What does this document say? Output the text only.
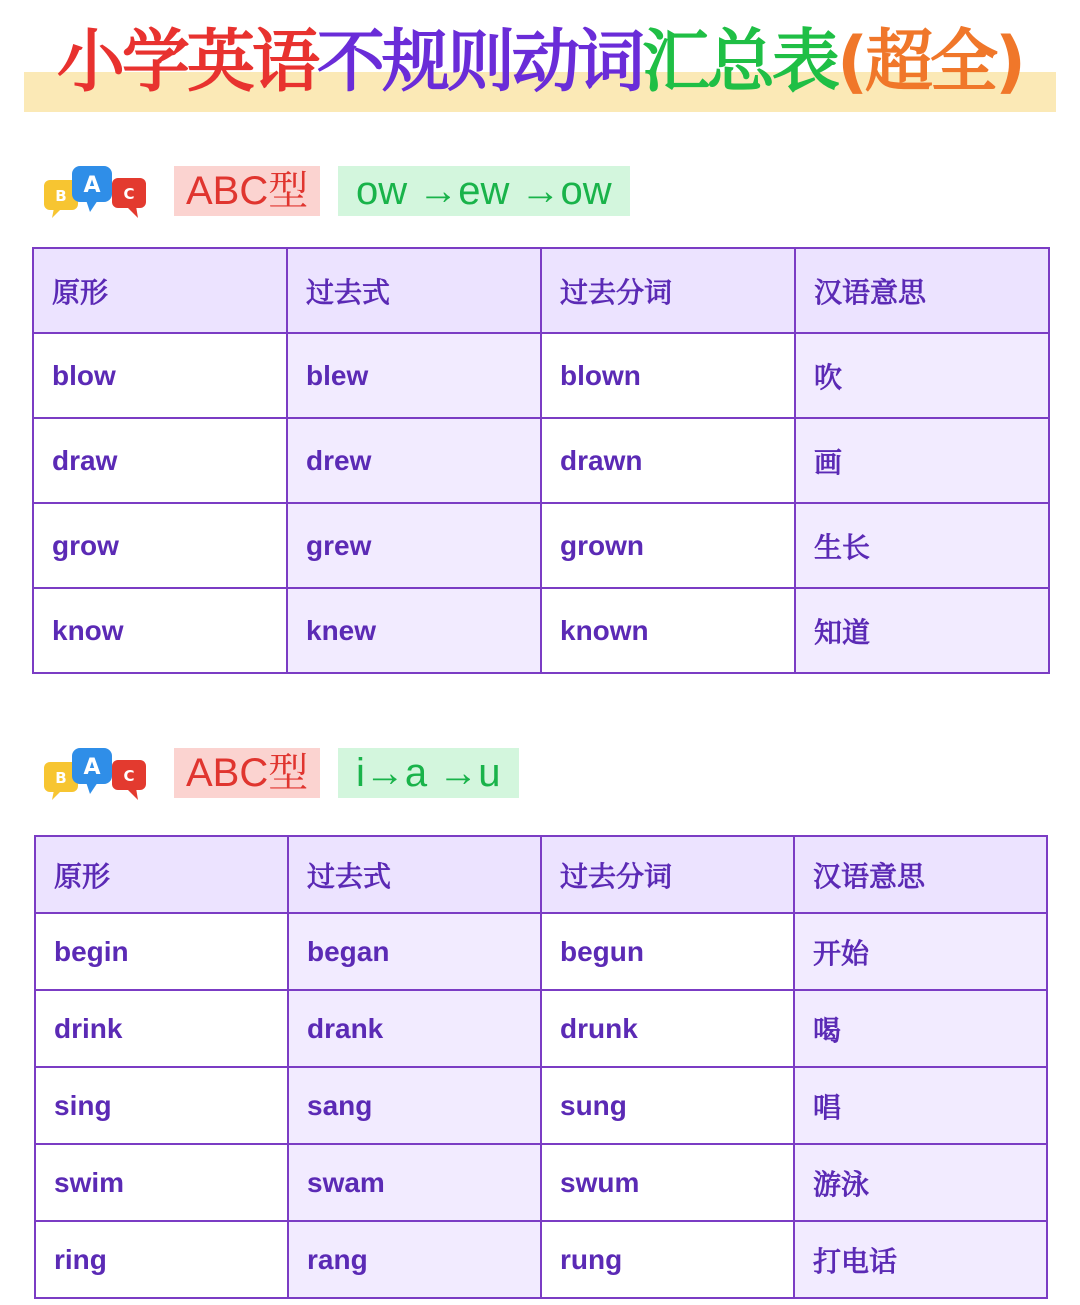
小学英语不规则动词汇总表(超全)
B A C	ABC型	ow →ew →ow
原形	过去式	过去分词	汉语意思
blow	blew	blown	吹
draw	drew	drawn	画
grow	grew	grown	生长
know	knew	known	知道
B A C	ABC型	i→a →u
原形	过去式	过去分词	汉语意思
begin	began	begun	开始
drink	drank	drunk	喝
sing	sang	sung	唱
swim	swam	swum	游泳
ring	rang	rung	打电话
